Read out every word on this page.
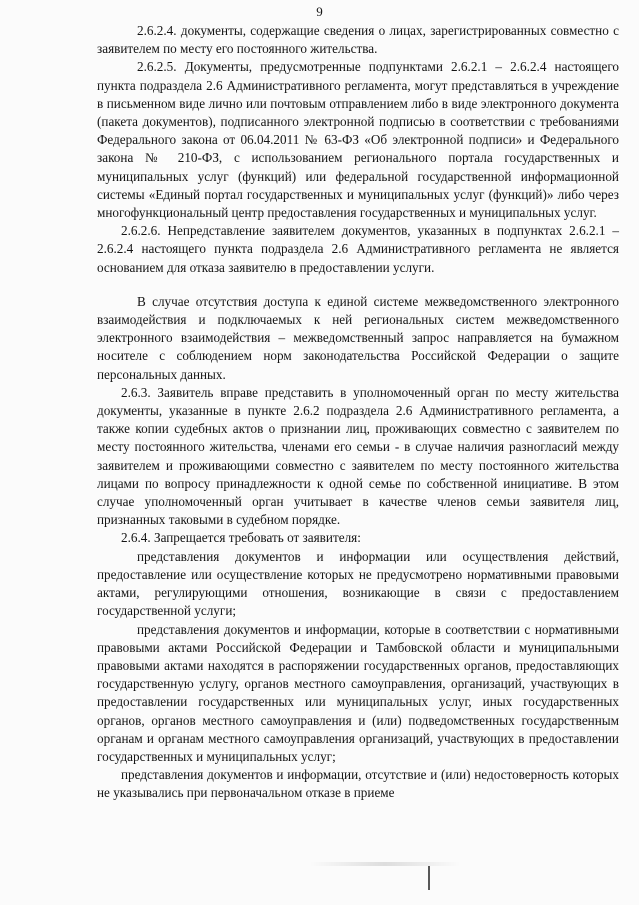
9

2.6.2.4. документы, содержащие сведения о лицах, зарегистрированных совместно с заявителем по месту его постоянного жительства.

2.6.2.5. Документы, предусмотренные подпунктами 2.6.2.1 – 2.6.2.4 настоящего пункта подраздела 2.6 Административного регламента, могут представляться в учреждение в письменном виде лично или почтовым отправлением либо в виде электронного документа (пакета документов), подписанного электронной подписью в соответствии с требованиями Федерального закона от 06.04.2011 № 63-ФЗ «Об электронной подписи» и Федерального закона № 210-ФЗ, с использованием регионального портала государственных и муниципальных услуг (функций) или федеральной государственной информационной системы «Единый портал государственных и муниципальных услуг (функций)» либо через многофункциональный центр предоставления государственных и муниципальных услуг.

2.6.2.6. Непредставление заявителем документов, указанных в подпунктах 2.6.2.1 – 2.6.2.4 настоящего пункта подраздела 2.6 Административного регламента не является основанием для отказа заявителю в предоставлении услуги.

В случае отсутствия доступа к единой системе межведомственного электронного взаимодействия и подключаемых к ней региональных систем межведомственного электронного взаимодействия – межведомственный запрос направляется на бумажном носителе с соблюдением норм законодательства Российской Федерации о защите персональных данных.

2.6.3. Заявитель вправе представить в уполномоченный орган по месту жительства документы, указанные в пункте 2.6.2 подраздела 2.6 Административного регламента, а также копии судебных актов о признании лиц, проживающих совместно с заявителем по месту постоянного жительства, членами его семьи - в случае наличия разногласий между заявителем и проживающими совместно с заявителем по месту постоянного жительства лицами по вопросу принадлежности к одной семье по собственной инициативе. В этом случае уполномоченный орган учитывает в качестве членов семьи заявителя лиц, признанных таковыми в судебном порядке.

2.6.4. Запрещается требовать от заявителя:

представления документов и информации или осуществления действий, предоставление или осуществление которых не предусмотрено нормативными правовыми актами, регулирующими отношения, возникающие в связи с предоставлением государственной услуги;

представления документов и информации, которые в соответствии с нормативными правовыми актами Российской Федерации и Тамбовской области и муниципальными правовыми актами находятся в распоряжении государственных органов, предоставляющих государственную услугу, органов местного самоуправления, организаций, участвующих в предоставлении государственных или муниципальных услуг, иных государственных органов, органов местного самоуправления и (или) подведомственных государственным органам и органам местного самоуправления организаций, участвующих в предоставлении государственных и муниципальных услуг;

представления документов и информации, отсутствие и (или) недостоверность которых не указывались при первоначальном отказе в приеме
